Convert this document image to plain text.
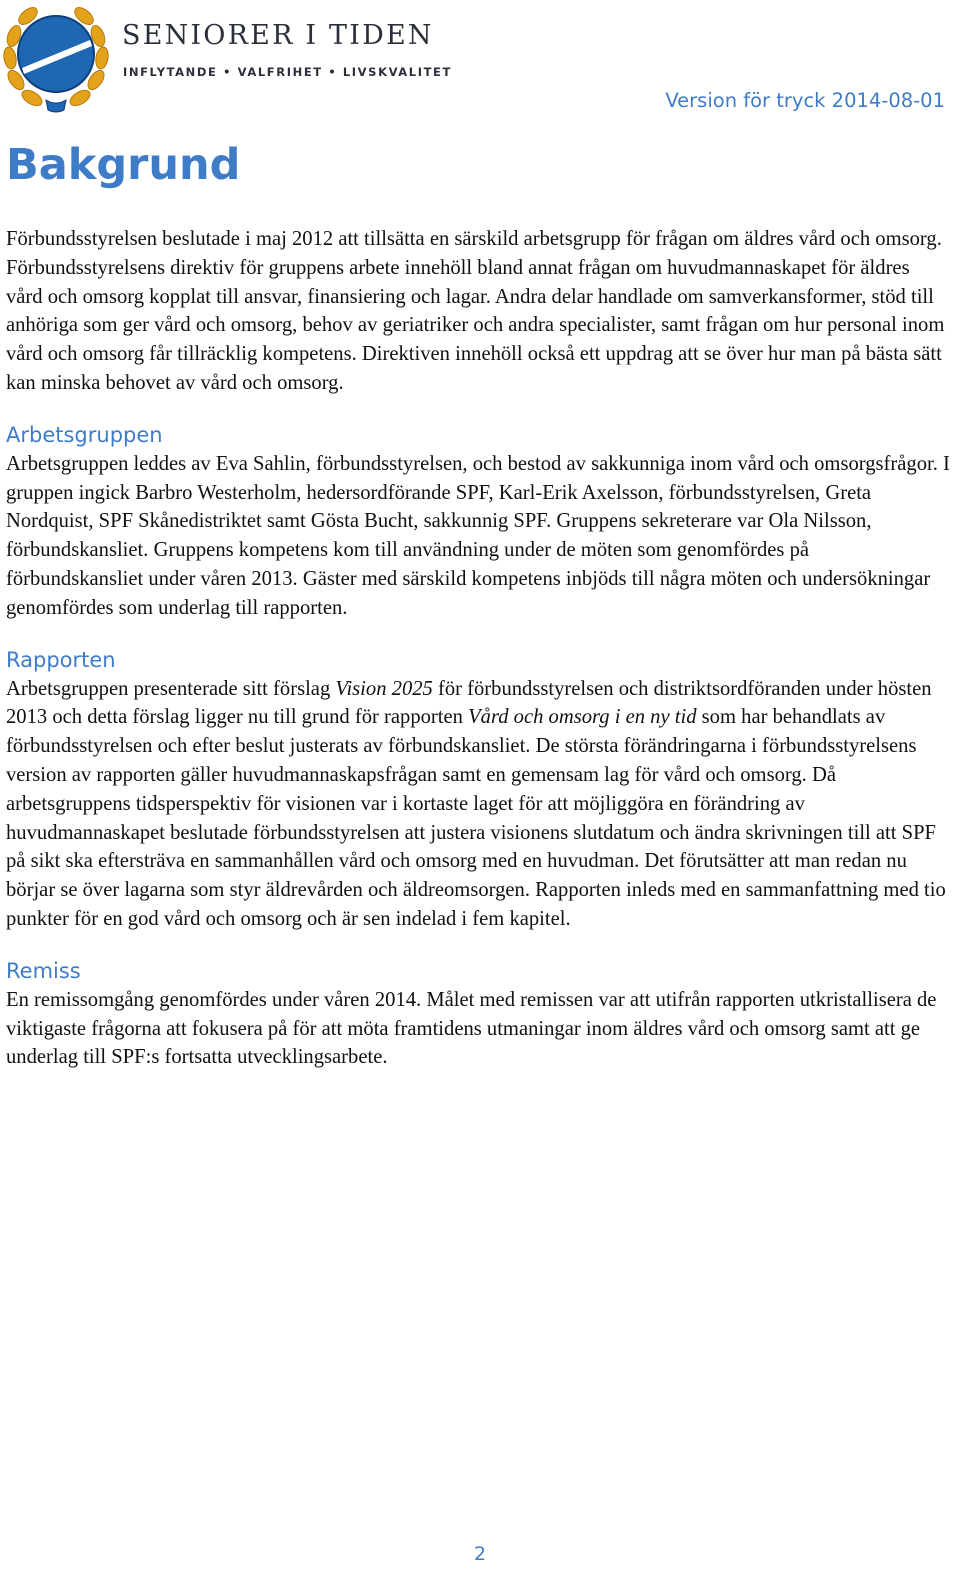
SENIORER I TIDEN
INFLYTANDE • VALFRIHET • LIVSKVALITET
Version för tryck 2014-08-01
Bakgrund

Förbundsstyrelsen beslutade i maj 2012 att tillsätta en särskild arbetsgrupp för frågan om äldres vård och omsorg. Förbundsstyrelsens direktiv för gruppens arbete innehöll bland annat frågan om huvudmannaskapet för äldres vård och omsorg kopplat till ansvar, finansiering och lagar. Andra delar handlade om samverkansformer, stöd till anhöriga som ger vård och omsorg, behov av geriatriker och andra specialister, samt frågan om hur personal inom vård och omsorg får tillräcklig kompetens. Direktiven innehöll också ett uppdrag att se över hur man på bästa sätt kan minska behovet av vård och omsorg.

Arbetsgruppen

Arbetsgruppen leddes av Eva Sahlin, förbundsstyrelsen, och bestod av sakkunniga inom vård och omsorgsfrågor. I gruppen ingick Barbro Westerholm, hedersordförande SPF, Karl-Erik Axelsson, förbundsstyrelsen, Greta Nordquist, SPF Skånedistriktet samt Gösta Bucht, sakkunnig SPF. Gruppens sekreterare var Ola Nilsson, förbundskansliet. Gruppens kompetens kom till användning under de möten som genomfördes på förbundskansliet under våren 2013. Gäster med särskild kompetens inbjöds till några möten och undersökningar genomfördes som underlag till rapporten.

Rapporten

Arbetsgruppen presenterade sitt förslag Vision 2025 för förbundsstyrelsen och distriktsordföranden under hösten 2013 och detta förslag ligger nu till grund för rapporten Vård och omsorg i en ny tid som har behandlats av förbundsstyrelsen och efter beslut justerats av förbundskansliet. De största förändringarna i förbundsstyrelsens version av rapporten gäller huvudmannaskapsfrågan samt en gemensam lag för vård och omsorg. Då arbetsgruppens tidsperspektiv för visionen var i kortaste laget för att möjliggöra en förändring av huvudmannaskapet beslutade förbundsstyrelsen att justera visionens slutdatum och ändra skrivningen till att SPF på sikt ska eftersträva en sammanhållen vård och omsorg med en huvudman. Det förutsätter att man redan nu börjar se över lagarna som styr äldrevården och äldreomsorgen. Rapporten inleds med en sammanfattning med tio punkter för en god vård och omsorg och är sen indelad i fem kapitel.

Remiss

En remissomgång genomfördes under våren 2014. Målet med remissen var att utifrån rapporten utkristallisera de viktigaste frågorna att fokusera på för att möta framtidens utmaningar inom äldres vård och omsorg samt att ge underlag till SPF:s fortsatta utvecklingsarbete.

2
